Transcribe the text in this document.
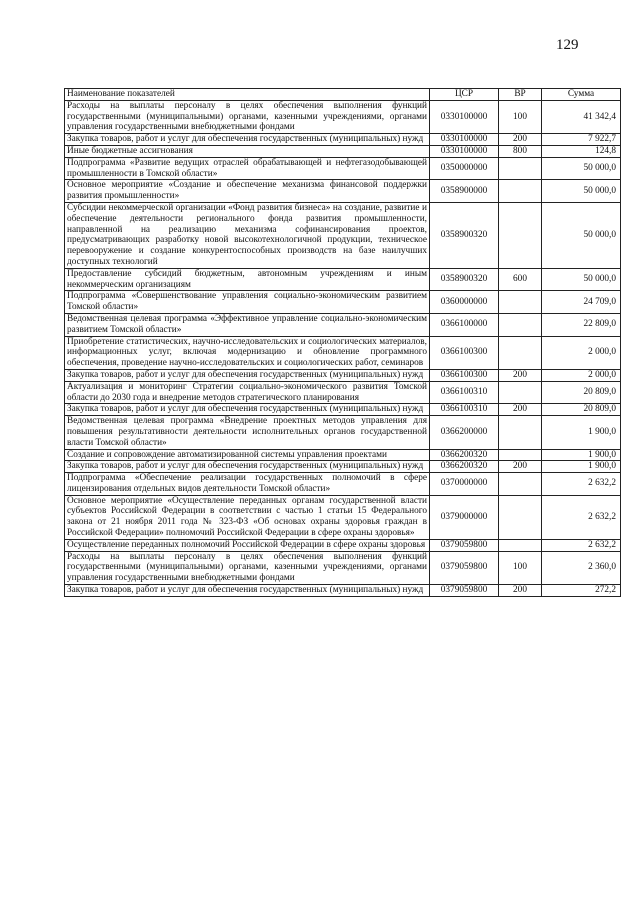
129
Наименование показателей	ЦСР	ВР	Сумма
Расходы на выплаты персоналу в целях обеспечения выполнения функций государственными (муниципальными) органами, казенными учреждениями, органами управления государственными внебюджетными фондами	0330100000	100	41 342,4
Закупка товаров, работ и услуг для обеспечения государственных (муниципальных) нужд	0330100000	200	7 922,7
Иные бюджетные ассигнования	0330100000	800	124,8
Подпрограмма «Развитие ведущих отраслей обрабатывающей и нефтегазодобывающей промышленности в Томской области»	0350000000		50 000,0
Основное мероприятие «Создание и обеспечение механизма финансовой поддержки развития промышленности»	0358900000		50 000,0
Субсидии некоммерческой организации «Фонд развития бизнеса» на создание, развитие и обеспечение деятельности регионального фонда развития промышленности, направленной на реализацию механизма софинансирования проектов, предусматривающих разработку новой высокотехнологичной продукции, техническое перевооружение и создание конкурентоспособных производств на базе наилучших доступных технологий	0358900320		50 000,0
Предоставление субсидий бюджетным, автономным учреждениям и иным некоммерческим организациям	0358900320	600	50 000,0
Подпрограмма «Совершенствование управления социально-экономическим развитием Томской области»	0360000000		24 709,0
Ведомственная целевая программа «Эффективное управление социально-экономическим развитием Томской области»	0366100000		22 809,0
Приобретение статистических, научно-исследовательских и социологических материалов, информационных услуг, включая модернизацию и обновление программного обеспечения, проведение научно-исследовательских и социологических работ, семинаров	0366100300		2 000,0
Закупка товаров, работ и услуг для обеспечения государственных (муниципальных) нужд	0366100300	200	2 000,0
Актуализация и мониторинг Стратегии социально-экономического развития Томской области до 2030 года и внедрение методов стратегического планирования	0366100310		20 809,0
Закупка товаров, работ и услуг для обеспечения государственных (муниципальных) нужд	0366100310	200	20 809,0
Ведомственная целевая программа «Внедрение проектных методов управления для повышения результативности деятельности исполнительных органов государственной власти Томской области»	0366200000		1 900,0
Создание и сопровождение автоматизированной системы управления проектами	0366200320		1 900,0
Закупка товаров, работ и услуг для обеспечения государственных (муниципальных) нужд	0366200320	200	1 900,0
Подпрограмма «Обеспечение реализации государственных полномочий в сфере лицензирования отдельных видов деятельности Томской области»	0370000000		2 632,2
Основное мероприятие «Осуществление переданных органам государственной власти субъектов Российской Федерации в соответствии с частью 1 статьи 15 Федерального закона от 21 ноября 2011 года № 323-ФЗ «Об основах охраны здоровья граждан в Российской Федерации» полномочий Российской Федерации в сфере охраны здоровья»	0379000000		2 632,2
Осуществление переданных полномочий Российской Федерации в сфере охраны здоровья	0379059800		2 632,2
Расходы на выплаты персоналу в целях обеспечения выполнения функций государственными (муниципальными) органами, казенными учреждениями, органами управления государственными внебюджетными фондами	0379059800	100	2 360,0
Закупка товаров, работ и услуг для обеспечения государственных (муниципальных) нужд	0379059800	200	272,2
